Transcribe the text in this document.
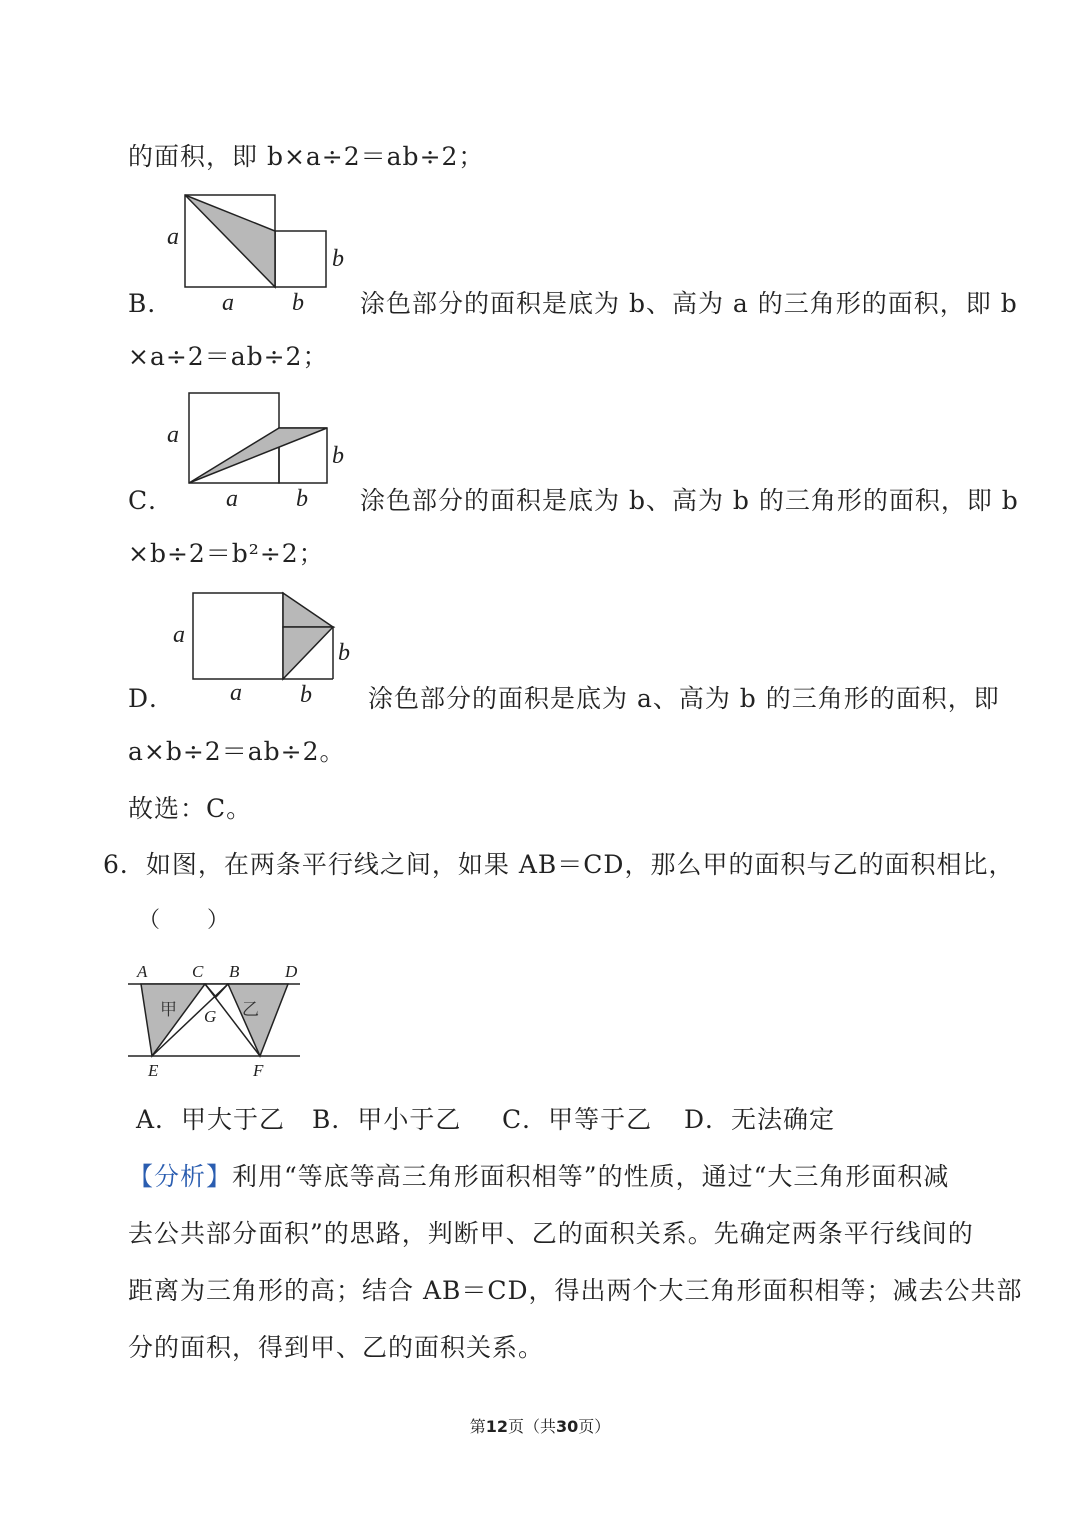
的面积，即 b×a÷2＝ab÷2；
a
b
a b
B．	涂色部分的面积是底为 b、高为 a 的三角形的面积，即 b
×a÷2＝ab÷2；
a
b
a b
C．	涂色部分的面积是底为 b、高为 b 的三角形的面积，即 b
×b÷2＝b²÷2；
a
b
a b
D．	涂色部分的面积是底为 a、高为 b 的三角形的面积，即
a×b÷2＝ab÷2。
故选：C。
6．如图，在两条平行线之间，如果 AB＝CD，那么甲的面积与乙的面积相比，
（　　）
A	C B	D
G
E	F
甲	乙
A．甲大于乙 B．甲小于乙 C．甲等于乙 D．无法确定
【分析】利用“等底等高三角形面积相等”的性质，通过“大三角形面积减
去公共部分面积”的思路，判断甲、乙的面积关系。先确定两条平行线间的
距离为三角形的高；结合 AB＝CD，得出两个大三角形面积相等；减去公共部
分的面积，得到甲、乙的面积关系。
第12页（共30页）
